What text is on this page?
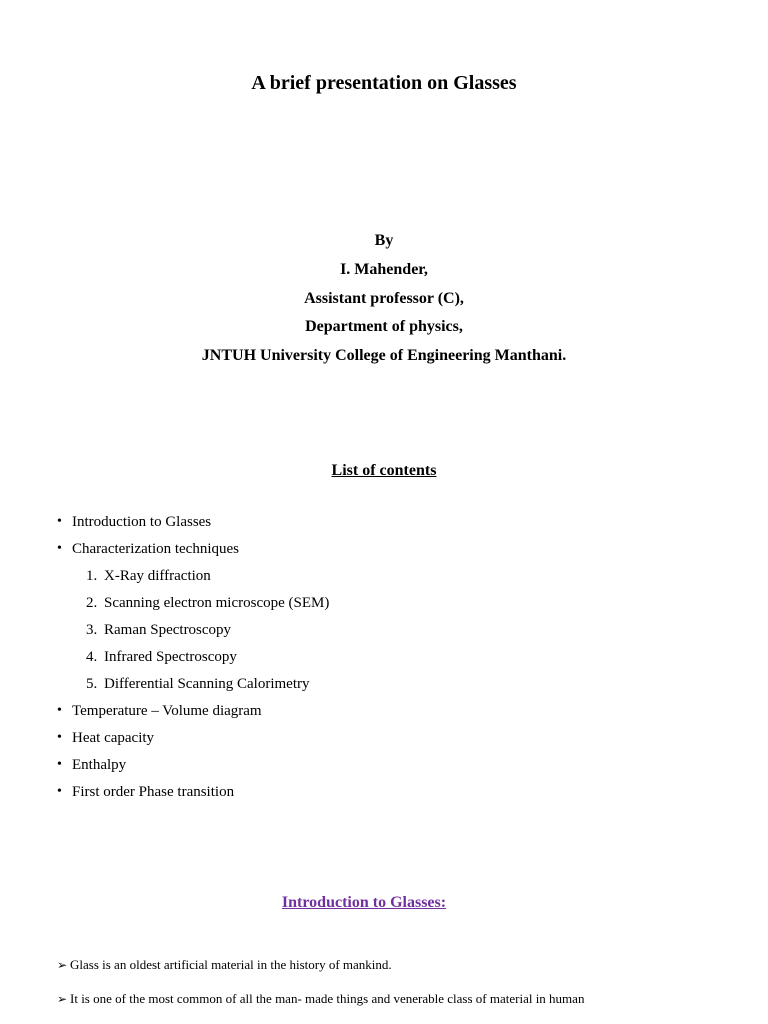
A brief presentation on Glasses
By
I. Mahender,
Assistant professor (C),
Department of physics,
JNTUH University College of Engineering Manthani.
List of contents
• Introduction to Glasses
• Characterization techniques
1. X-Ray diffraction
2. Scanning electron microscope (SEM)
3. Raman Spectroscopy
4. Infrared Spectroscopy
5. Differential Scanning Calorimetry
• Temperature – Volume diagram
• Heat capacity
• Enthalpy
• First order Phase transition
Introduction to Glasses:
➢ Glass is an oldest artificial material in the history of mankind.
➢ It is one of the most common of all the man- made things and venerable class of material in human
